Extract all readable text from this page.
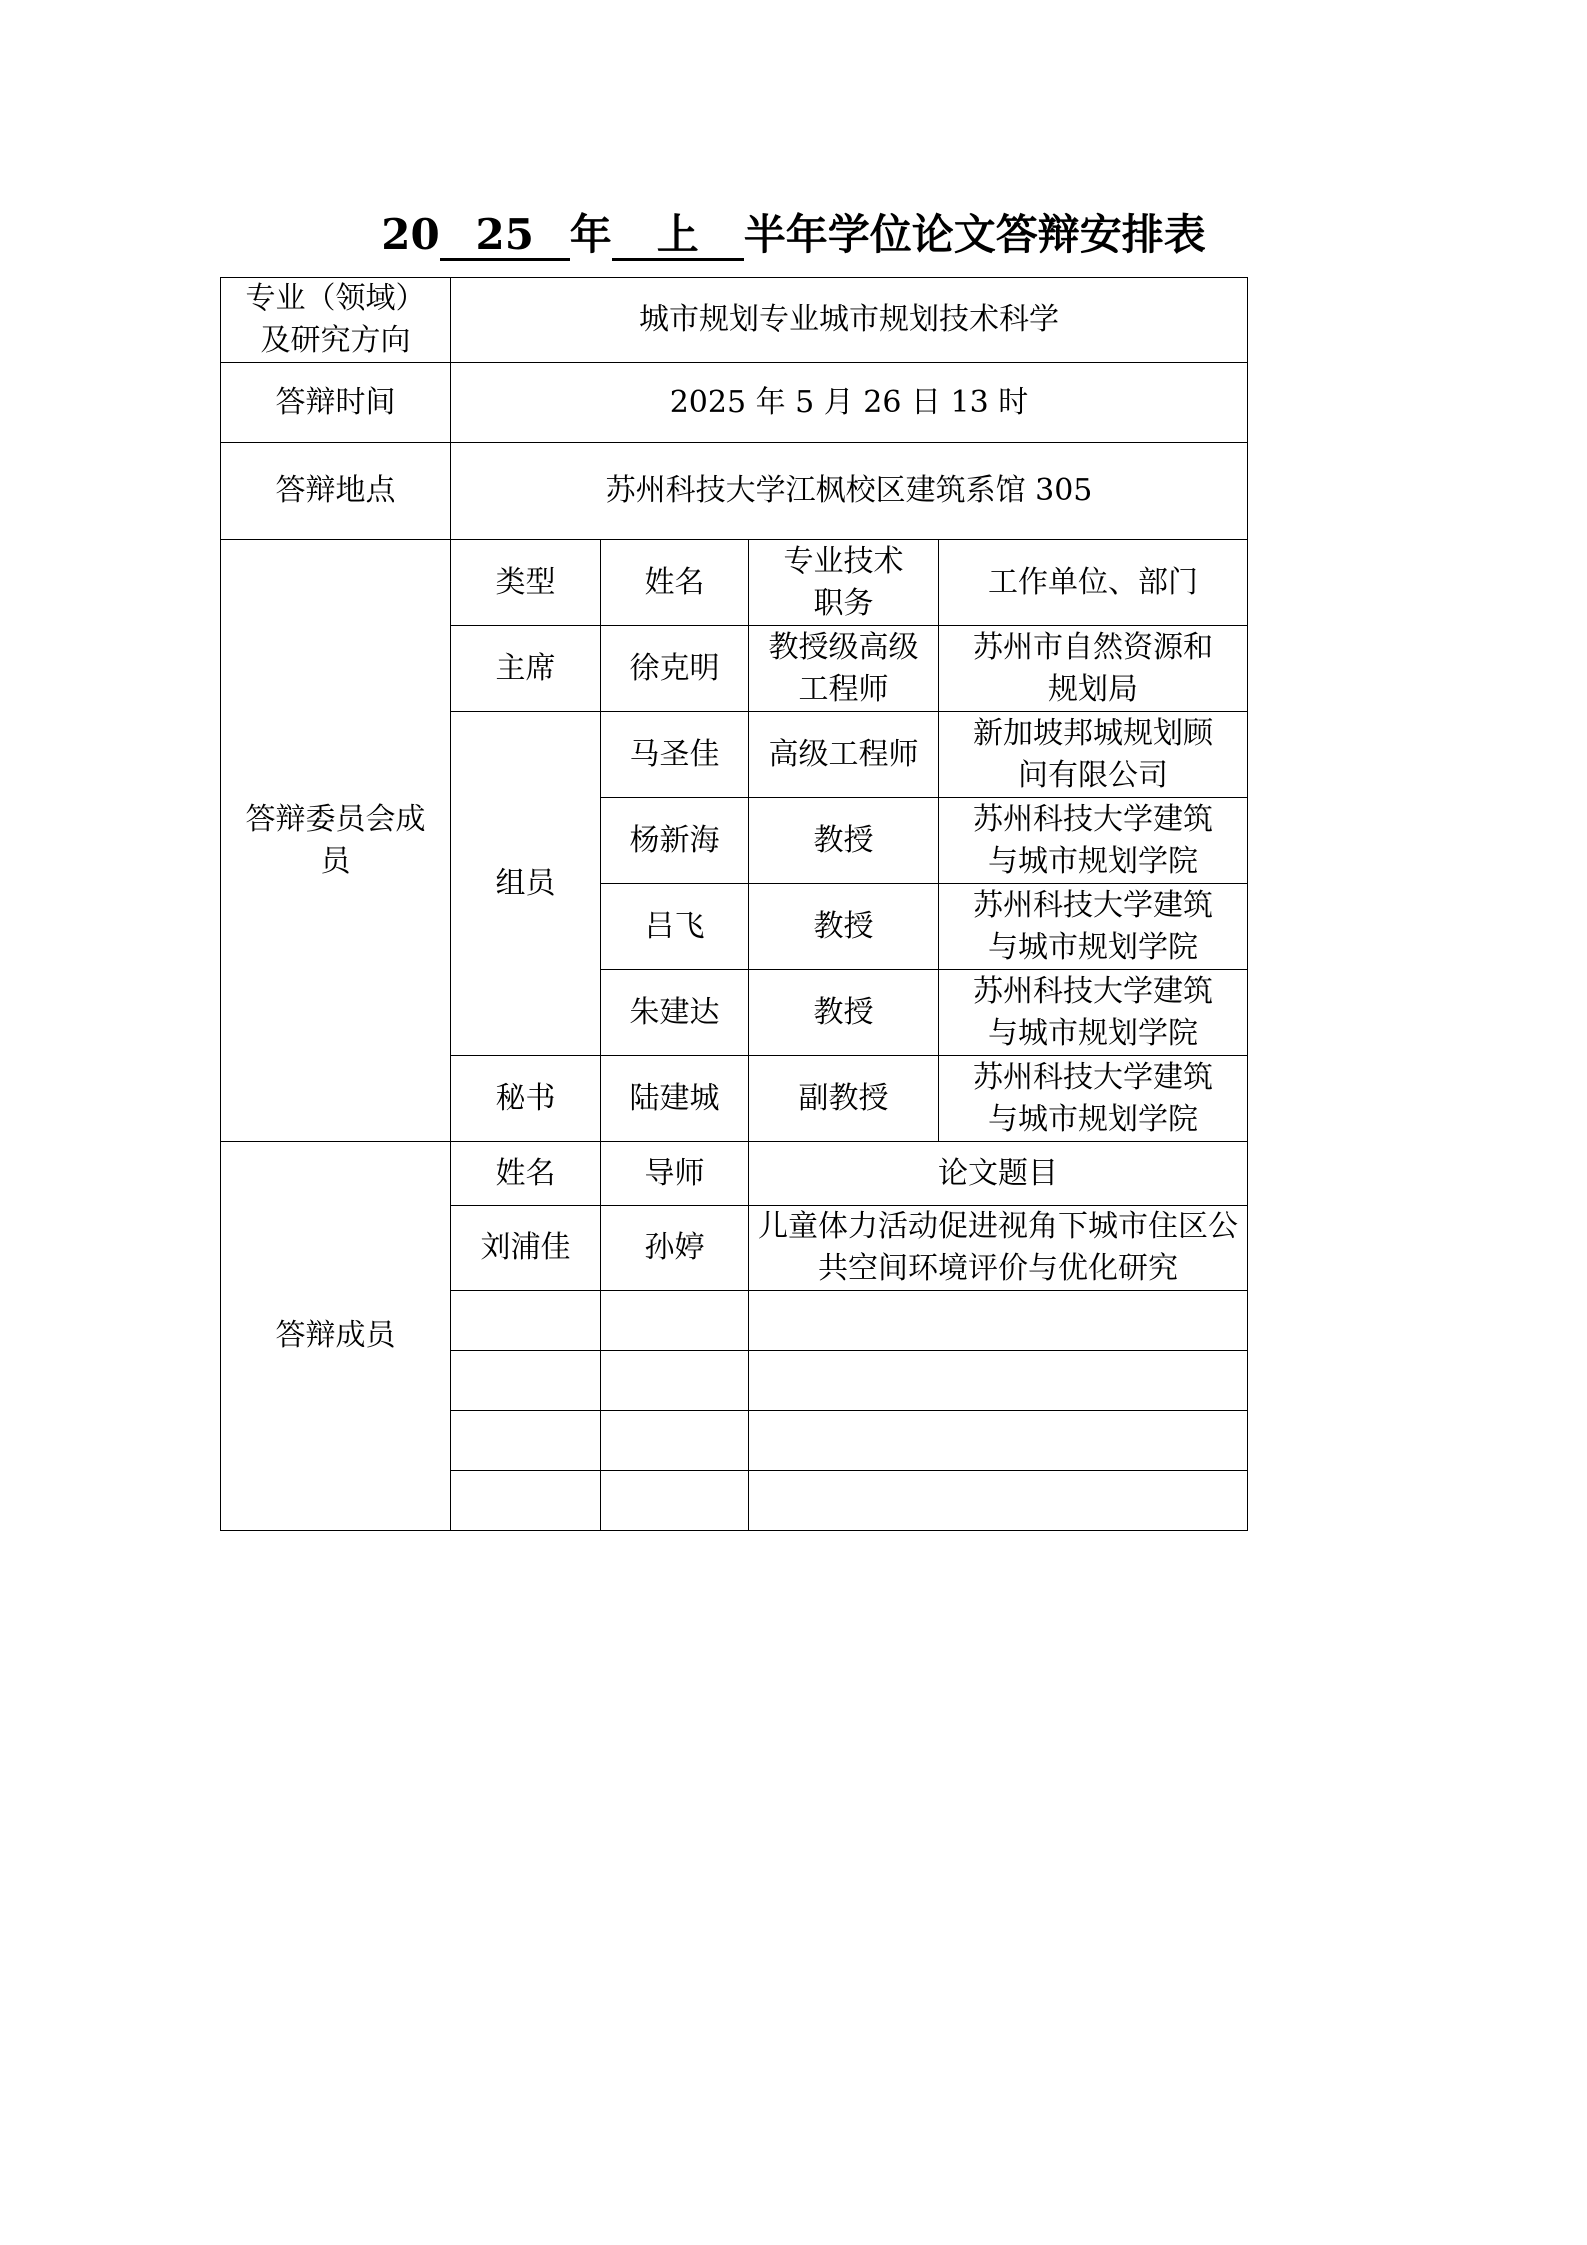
20 25 年 上 半年学位论文答辩安排表
专业（领域）
及研究方向	城市规划专业城市规划技术科学			
答辩时间	2025 年 5 月 26 日 13 时			
答辩地点	苏州科技大学江枫校区建筑系馆 305			
答辩委员会成员	类型	姓名	专业技术职务	工作单位、部门
	主席	徐克明	教授级高级工程师	苏州市自然资源和规划局
	组员	马圣佳	高级工程师	新加坡邦城规划顾问有限公司
		杨新海	教授	苏州科技大学建筑与城市规划学院
		吕飞	教授	苏州科技大学建筑与城市规划学院
		朱建达	教授	苏州科技大学建筑与城市规划学院
	秘书	陆建城	副教授	苏州科技大学建筑与城市规划学院

答辩成员	姓名	导师	论文题目	
	刘浦佳	孙婷	儿童体力活动促进视角下城市住区公共空间环境评价与优化研究	
